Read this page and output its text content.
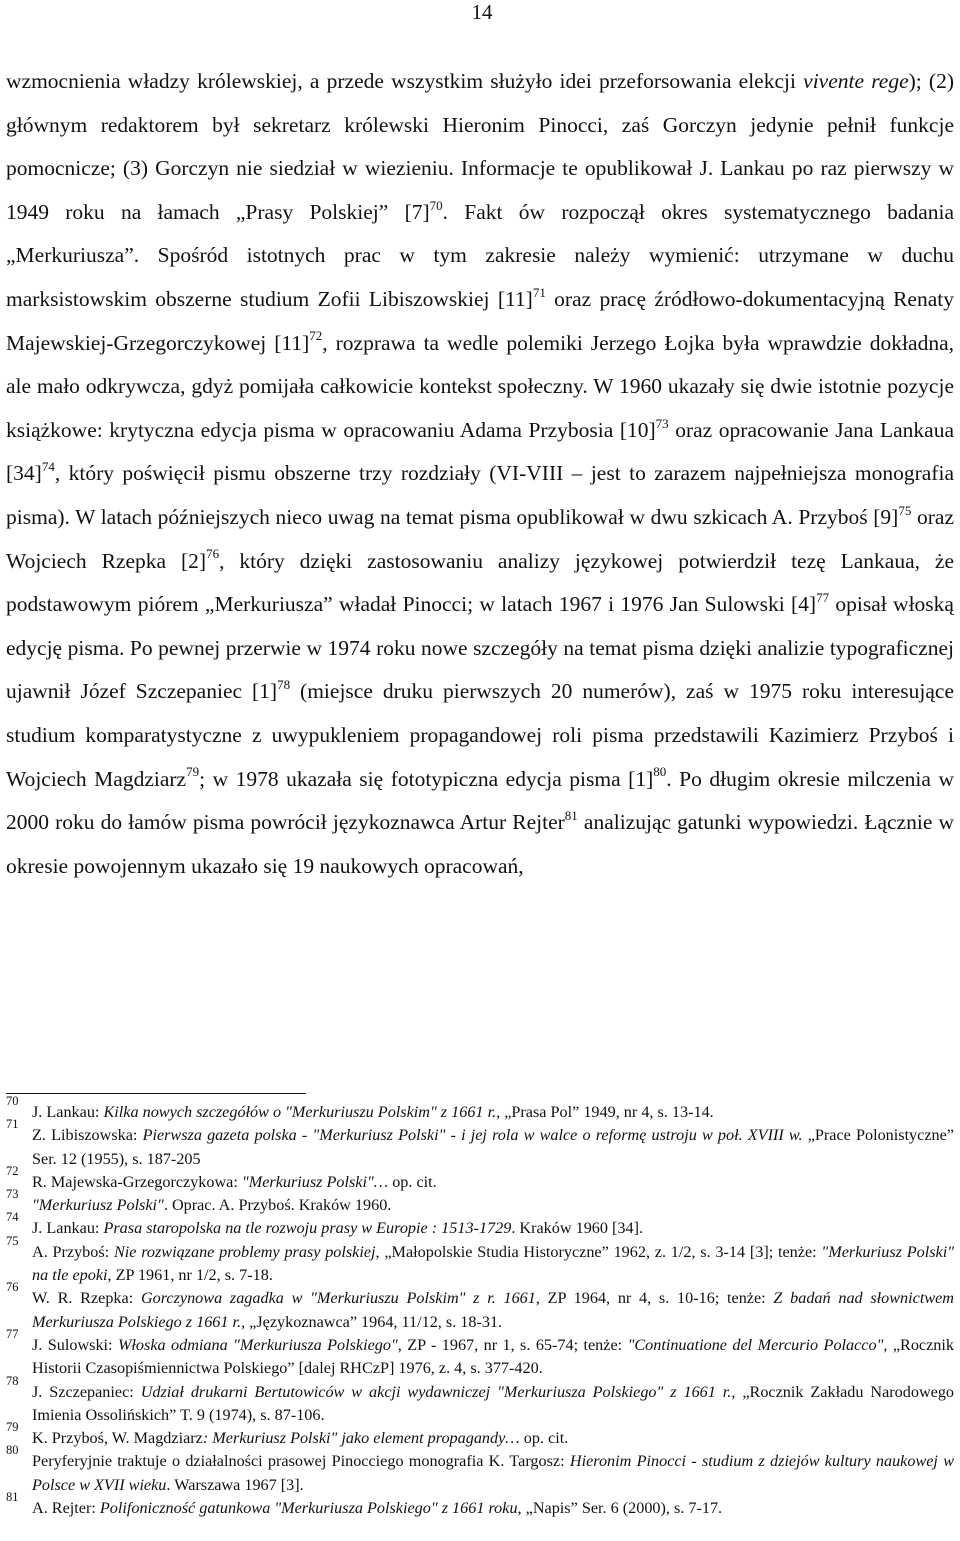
14

wzmocnienia władzy królewskiej, a przede wszystkim służyło idei przeforsowania elekcji vivente rege); (2) głównym redaktorem był sekretarz królewski Hieronim Pinocci, zaś Gorczyn jedynie pełnił funkcje pomocnicze; (3) Gorczyn nie siedział w wiezieniu. Informacje te opublikował J. Lankau po raz pierwszy w 1949 roku na łamach „Prasy Polskiej” $[7]^{70}$. Fakt ów rozpoczął okres systematycznego badania „Merkuriusza”. Spośród istotnych prac w tym zakresie należy wymienić: utrzymane w duchu marksistowskim obszerne studium Zofii Libiszowskiej $[11]^{71}$ oraz pracę źródłowo-dokumentacyjną Renaty Majewskiej-Grzegorczykowej $[11]^{72}$, rozprawa ta wedle polemiki Jerzego Łojka była wprawdzie dokładna, ale mało odkrywcza, gdyż pomijała całkowicie kontekst społeczny. W 1960 ukazały się dwie istotnie pozycje książkowe: krytyczna edycja pisma w opracowaniu Adama Przybosia $[10]^{73}$ oraz opracowanie Jana Lankaua $[34]^{74}$, który poświęcił pismu obszerne trzy rozdziały (VI-VIII – jest to zarazem najpełniejsza monografia pisma). W latach późniejszych nieco uwag na temat pisma opublikował w dwu szkicach A. Przyboś $[9]^{75}$ oraz Wojciech Rzepka $[2]^{76}$, który dzięki zastosowaniu analizy językowej potwierdził tezę Lankaua, że podstawowym piórem „Merkuriusza” władał Pinocci; w latach 1967 i 1976 Jan Sulowski $[4]^{77}$ opisał włoską edycję pisma. Po pewnej przerwie w 1974 roku nowe szczegóły na temat pisma dzięki analizie typograficznej ujawnił Józef Szczepaniec $[1]^{78}$ (miejsce druku pierwszych 20 numerów), zaś w 1975 roku interesujące studium komparatystyczne z uwypukleniem propagandowej roli pisma przedstawili Kazimierz Przyboś i Wojciech Magdziarz$^{79}$; w 1978 ukazała się fototypiczna edycja pisma $[1]^{80}$. Po długim okresie milczenia w 2000 roku do łamów pisma powrócił językoznawca Artur Rejter$^{81}$ analizując gatunki wypowiedzi. Łącznie w okresie powojennym ukazało się 19 naukowych opracowań,

70
J. Lankau: Kilka nowych szczegółów o "Merkuriuszu Polskim" z 1661 r., „Prasa Pol” 1949, nr 4, s. 13-14.

71
Z. Libiszowska: Pierwsza gazeta polska - "Merkuriusz Polski" - i jej rola w walce o reformę ustroju w poł. XVIII w. „Prace Polonistyczne” Ser. 12 (1955), s. 187-205

72
R. Majewska-Grzegorczykowa: "Merkuriusz Polski"… op. cit.

73
"Merkuriusz Polski". Oprac. A. Przyboś. Kraków 1960.

74
J. Lankau: Prasa staropolska na tle rozwoju prasy w Europie : 1513-1729. Kraków 1960 [34].

75
A. Przyboś: Nie rozwiązane problemy prasy polskiej, „Małopolskie Studia Historyczne” 1962, z. 1/2, s. 3-14 [3]; tenże: "Merkuriusz Polski" na tle epoki, ZP 1961, nr 1/2, s. 7-18.

76
W. R. Rzepka: Gorczynowa zagadka w "Merkuriuszu Polskim" z r. 1661, ZP 1964, nr 4, s. 10-16; tenże: Z badań nad słownictwem Merkuriusza Polskiego z 1661 r., „Językoznawca” 1964, 11/12, s. 18-31.

77
J. Sulowski: Włoska odmiana "Merkuriusza Polskiego", ZP - 1967, nr 1, s. 65-74; tenże: "Continuatione del Mercurio Polacco", „Rocznik Historii Czasopiśmiennictwa Polskiego” [dalej RHCzP] 1976, z. 4, s. 377-420.

78
J. Szczepaniec: Udział drukarni Bertutowiców w akcji wydawniczej "Merkuriusza Polskiego" z 1661 r., „Rocznik Zakładu Narodowego Imienia Ossolińskich” T. 9 (1974), s. 87-106.

79
K. Przyboś, W. Magdziarz: Merkuriusz Polski" jako element propagandy… op. cit.

80
Peryferyjnie traktuje o działalności prasowej Pinocciego monografia K. Targosz: Hieronim Pinocci - studium z dziejów kultury naukowej w Polsce w XVII wieku. Warszawa 1967 [3].

81
A. Rejter: Polifoniczność gatunkowa "Merkuriusza Polskiego" z 1661 roku, „Napis” Ser. 6 (2000), s. 7-17.
